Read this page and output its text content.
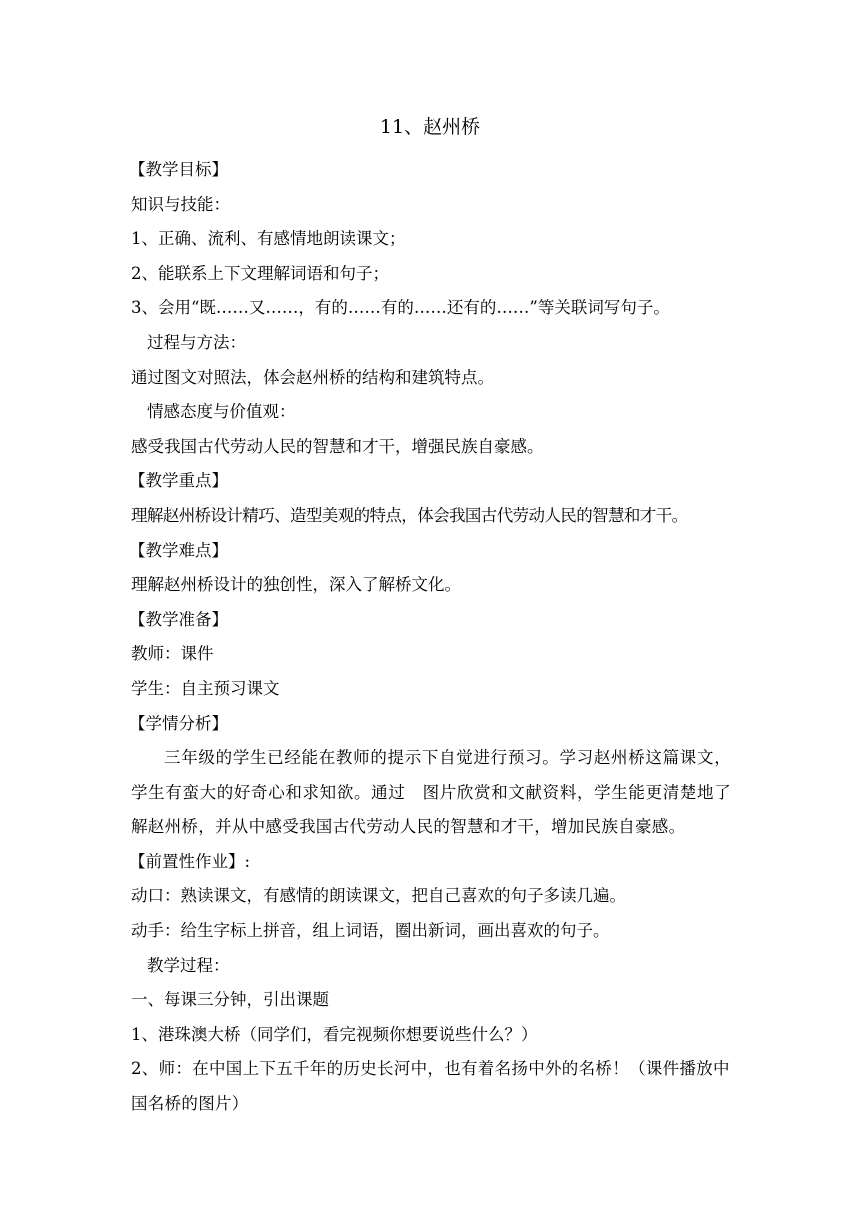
11、赵州桥

【教学目标】

知识与技能：

1、正确、流利、有感情地朗读课文；

2、能联系上下文理解词语和句子；

3、会用“既……又……，有的……有的……还有的……”等关联词写句子。

过程与方法：

通过图文对照法，体会赵州桥的结构和建筑特点。

情感态度与价值观：

感受我国古代劳动人民的智慧和才干，增强民族自豪感。

【教学重点】

理解赵州桥设计精巧、造型美观的特点，体会我国古代劳动人民的智慧和才干。

【教学难点】

理解赵州桥设计的独创性，深入了解桥文化。

【教学准备】

教师：课件

学生：自主预习课文

【学情分析】

三年级的学生已经能在教师的提示下自觉进行预习。学习赵州桥这篇课文，学生有蛮大的好奇心和求知欲。通过　图片欣赏和文献资料，学生能更清楚地了解赵州桥，并从中感受我国古代劳动人民的智慧和才干，增加民族自豪感。

【前置性作业】:

动口：熟读课文，有感情的朗读课文，把自己喜欢的句子多读几遍。

动手：给生字标上拼音，组上词语，圈出新词，画出喜欢的句子。

教学过程：

一、每课三分钟，引出课题

1、港珠澳大桥（同学们，看完视频你想要说些什么？）

2、师：在中国上下五千年的历史长河中，也有着名扬中外的名桥！（课件播放中国名桥的图片）
